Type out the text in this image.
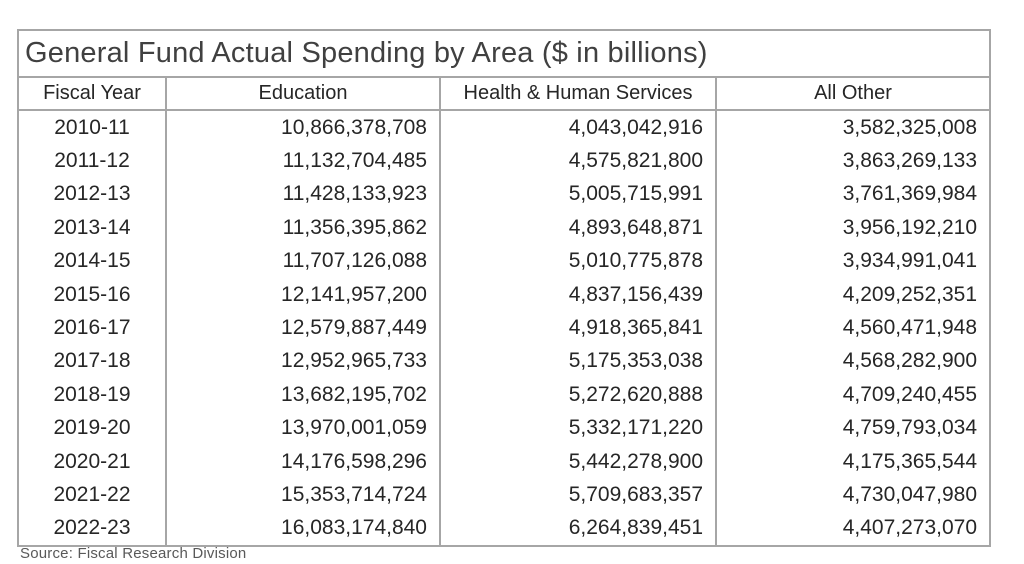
General Fund Actual Spending by Area ($ in billions)			
Fiscal Year	Education	Health & Human Services	All Other
2010-11	10,866,378,708	4,043,042,916	3,582,325,008
2011-12	11,132,704,485	4,575,821,800	3,863,269,133
2012-13	11,428,133,923	5,005,715,991	3,761,369,984
2013-14	11,356,395,862	4,893,648,871	3,956,192,210
2014-15	11,707,126,088	5,010,775,878	3,934,991,041
2015-16	12,141,957,200	4,837,156,439	4,209,252,351
2016-17	12,579,887,449	4,918,365,841	4,560,471,948
2017-18	12,952,965,733	5,175,353,038	4,568,282,900
2018-19	13,682,195,702	5,272,620,888	4,709,240,455
2019-20	13,970,001,059	5,332,171,220	4,759,793,034
2020-21	14,176,598,296	5,442,278,900	4,175,365,544
2021-22	15,353,714,724	5,709,683,357	4,730,047,980
2022-23	16,083,174,840	6,264,839,451	4,407,273,070
Source: Fiscal Research Division
